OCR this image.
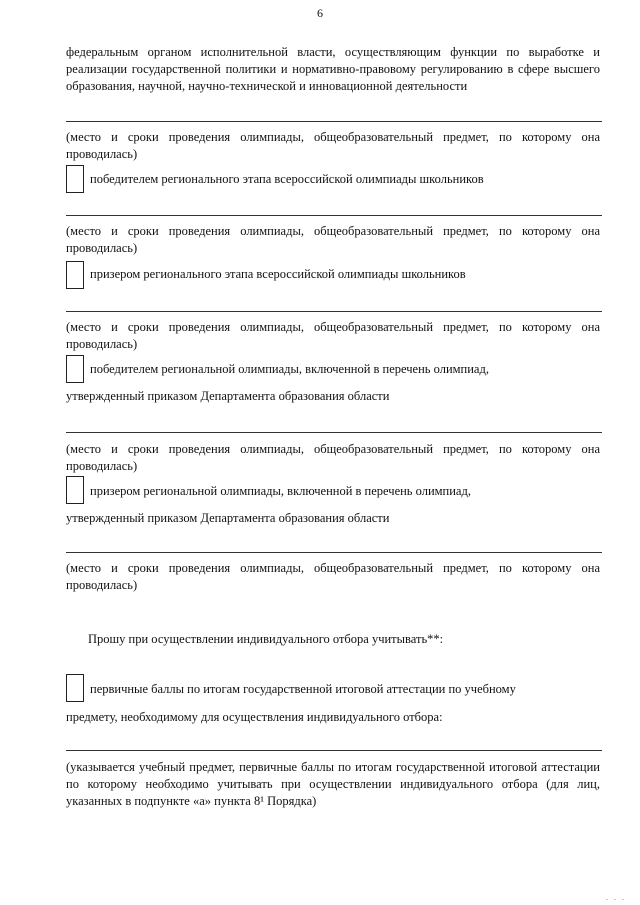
6
федеральным органом исполнительной власти, осуществляющим функции по выработке и реализации государственной политики и нормативно-правовому регулированию в сфере высшего образования, научной, научно-технической и инновационной деятельности
(место и сроки проведения олимпиады, общеобразовательный предмет, по которому она проводилась)
победителем регионального этапа всероссийской олимпиады школьников
(место и сроки проведения олимпиады, общеобразовательный предмет, по которому она проводилась)
призером регионального этапа всероссийской олимпиады школьников
(место и сроки проведения олимпиады, общеобразовательный предмет, по которому она проводилась)
победителем региональной олимпиады, включенной в перечень олимпиад,
утвержденный приказом Департамента образования области
(место и сроки проведения олимпиады, общеобразовательный предмет, по которому она проводилась)
призером региональной олимпиады, включенной в перечень олимпиад,
утвержденный приказом Департамента образования области
(место и сроки проведения олимпиады, общеобразовательный предмет, по которому она проводилась)
Прошу при осуществлении индивидуального отбора учитывать**:
первичные баллы по итогам государственной итоговой аттестации по учебному
предмету, необходимому для осуществления индивидуального отбора:
(указывается учебный предмет, первичные баллы по итогам государственной итоговой аттестации по которому необходимо учитывать при осуществлении индивидуального отбора (для лиц, указанных в подпункте «а» пункта 8¹ Порядка)
. . .
